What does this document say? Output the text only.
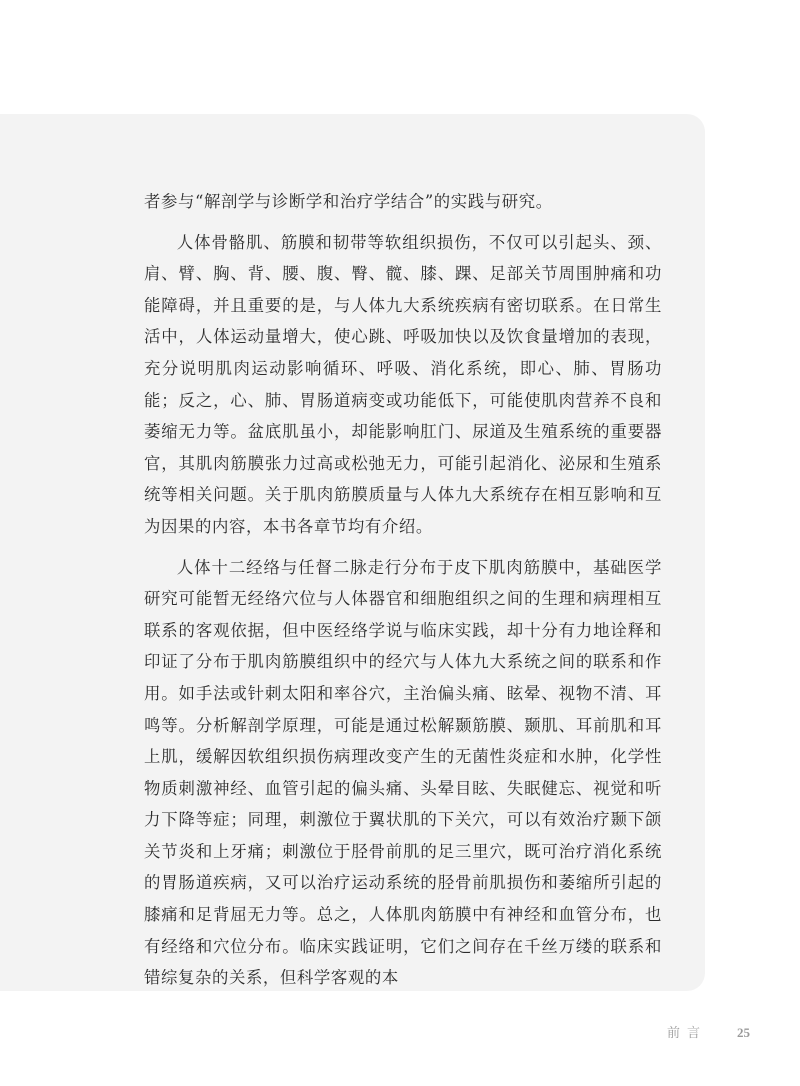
者参与“解剖学与诊断学和治疗学结合”的实践与研究。

人体骨骼肌、筋膜和韧带等软组织损伤，不仅可以引起头、颈、肩、臂、胸、背、腰、腹、臀、髋、膝、踝、足部关节周围肿痛和功能障碍，并且重要的是，与人体九大系统疾病有密切联系。在日常生活中，人体运动量增大，使心跳、呼吸加快以及饮食量增加的表现，充分说明肌肉运动影响循环、呼吸、消化系统，即心、肺、胃肠功能；反之，心、肺、胃肠道病变或功能低下，可能使肌肉营养不良和萎缩无力等。盆底肌虽小，却能影响肛门、尿道及生殖系统的重要器官，其肌肉筋膜张力过高或松弛无力，可能引起消化、泌尿和生殖系统等相关问题。关于肌肉筋膜质量与人体九大系统存在相互影响和互为因果的内容，本书各章节均有介绍。

人体十二经络与任督二脉走行分布于皮下肌肉筋膜中，基础医学研究可能暂无经络穴位与人体器官和细胞组织之间的生理和病理相互联系的客观依据，但中医经络学说与临床实践，却十分有力地诠释和印证了分布于肌肉筋膜组织中的经穴与人体九大系统之间的联系和作用。如手法或针刺太阳和率谷穴，主治偏头痛、眩晕、视物不清、耳鸣等。分析解剖学原理，可能是通过松解颞筋膜、颞肌、耳前肌和耳上肌，缓解因软组织损伤病理改变产生的无菌性炎症和水肿，化学性物质刺激神经、血管引起的偏头痛、头晕目眩、失眠健忘、视觉和听力下降等症；同理，刺激位于翼状肌的下关穴，可以有效治疗颞下颌关节炎和上牙痛；刺激位于胫骨前肌的足三里穴，既可治疗消化系统的胃肠道疾病，又可以治疗运动系统的胫骨前肌损伤和萎缩所引起的膝痛和足背屈无力等。总之，人体肌肉筋膜中有神经和血管分布，也有经络和穴位分布。临床实践证明，它们之间存在千丝万缕的联系和错综复杂的关系，但科学客观的本

前言 25
